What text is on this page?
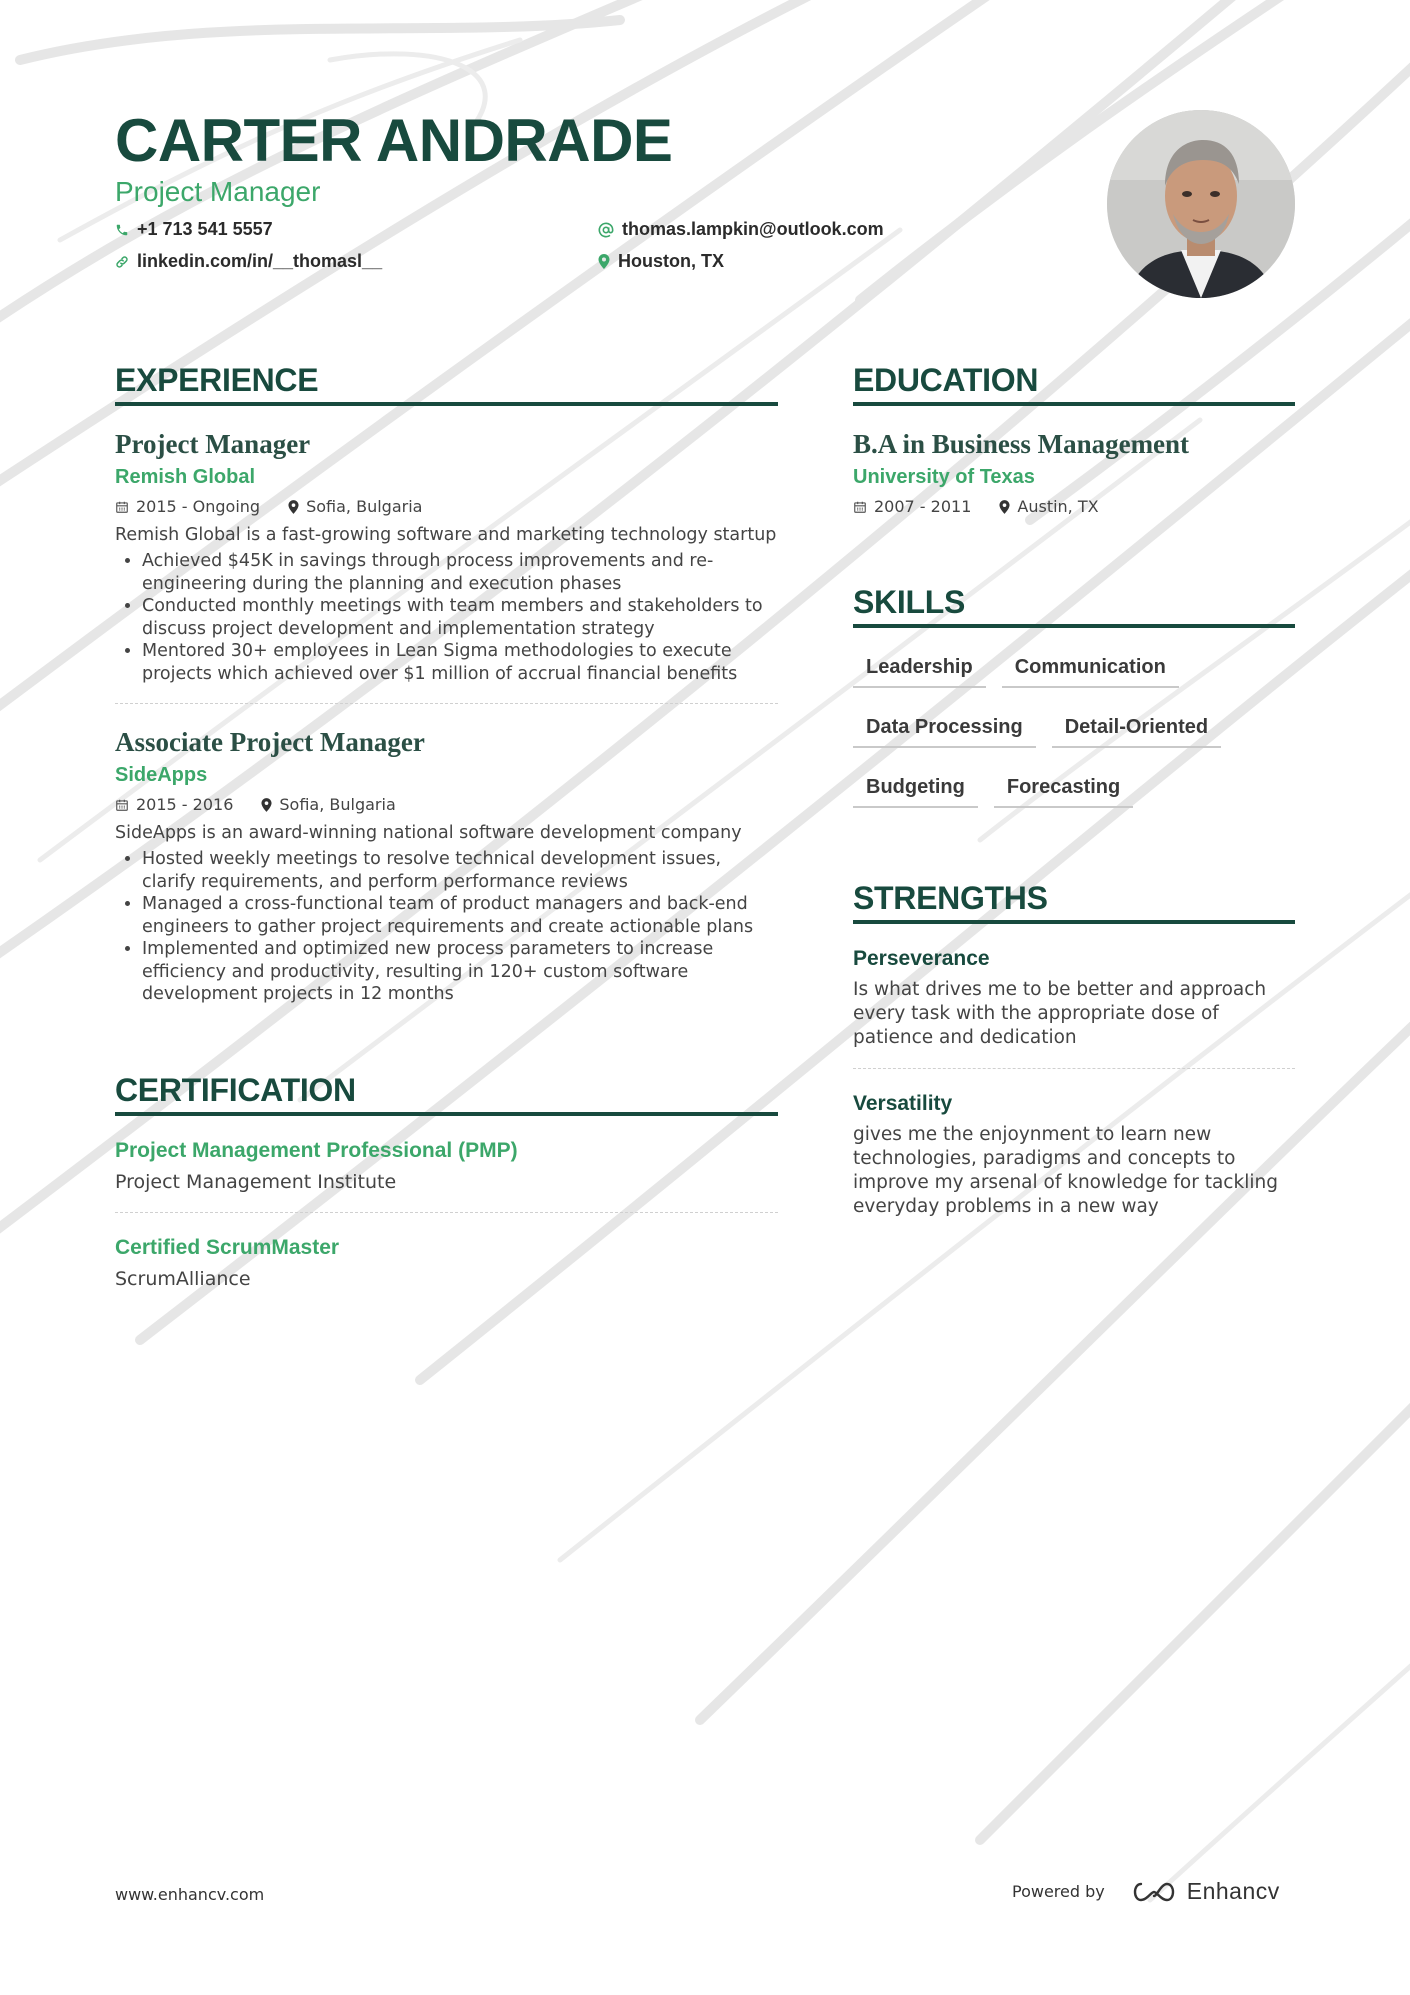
CARTER ANDRADE
Project Manager
+1 713 541 5557
linkedin.com/in/__thomasl__
thomas.lampkin@outlook.com
Houston, TX
EXPERIENCE
Project Manager
Remish Global
2015 - Ongoing	Sofia, Bulgaria
Remish Global is a fast-growing software and marketing technology startup
• Achieved $45K in savings through process improvements and re-engineering during the planning and execution phases
• Conducted monthly meetings with team members and stakeholders to discuss project development and implementation strategy
• Mentored 30+ employees in Lean Sigma methodologies to execute projects which achieved over $1 million of accrual financial benefits
Associate Project Manager
SideApps
2015 - 2016	Sofia, Bulgaria
SideApps is an award-winning national software development company
• Hosted weekly meetings to resolve technical development issues, clarify requirements, and perform performance reviews
• Managed a cross-functional team of product managers and back-end engineers to gather project requirements and create actionable plans
• Implemented and optimized new process parameters to increase efficiency and productivity, resulting in 120+ custom software development projects in 12 months
CERTIFICATION
Project Management Professional (PMP)
Project Management Institute
Certified ScrumMaster
ScrumAlliance
EDUCATION
B.A in Business Management
University of Texas
2007 - 2011	Austin, TX
SKILLS
Leadership	Communication
Data Processing	Detail-Oriented
Budgeting	Forecasting
STRENGTHS
Perseverance
Is what drives me to be better and approach every task with the appropriate dose of patience and dedication
Versatility
gives me the enjoynment to learn new technologies, paradigms and concepts to improve my arsenal of knowledge for tackling everyday problems in a new way
www.enhancv.com	Powered by	Enhancv
